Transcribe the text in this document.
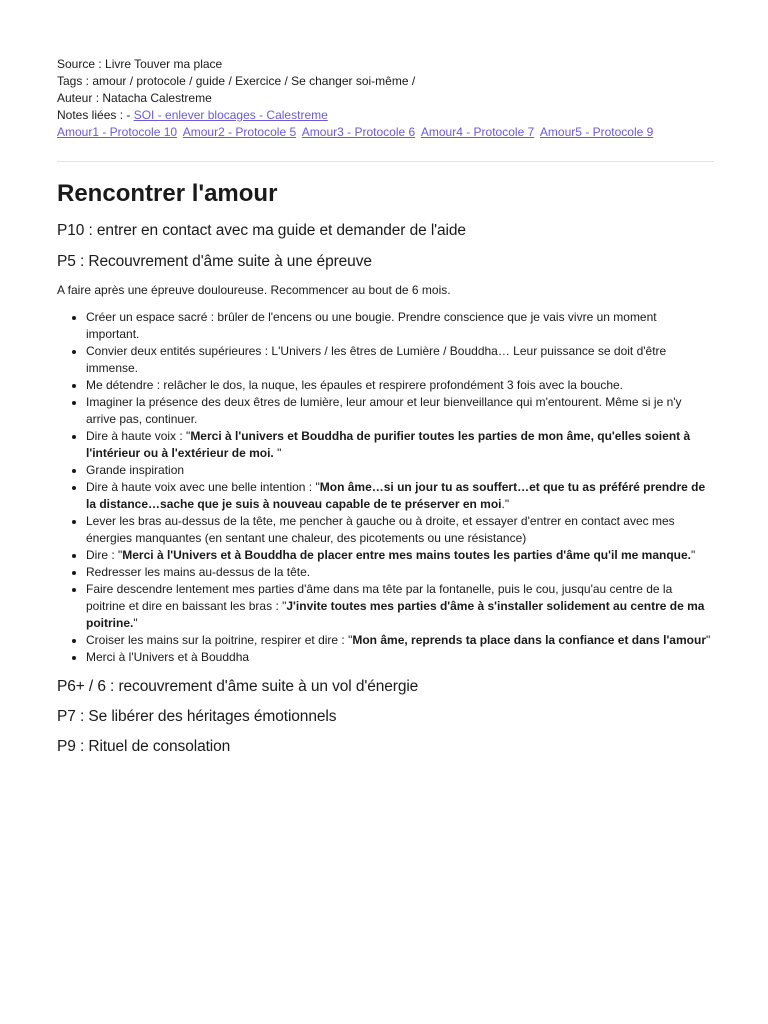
Source : Livre Touver ma place
Tags : amour / protocole / guide / Exercice / Se changer soi-même /
Auteur : Natacha Calestreme
Notes liées : - SOI - enlever blocages - Calestreme
Amour1 - Protocole 10 Amour2 - Protocole 5 Amour3 - Protocole 6 Amour4 - Protocole 7 Amour5 - Protocole 9
Rencontrer l'amour
P10 : entrer en contact avec ma guide et demander de l'aide
P5 : Recouvrement d'âme suite à une épreuve

A faire après une épreuve douloureuse. Recommencer au bout de 6 mois.

• Créer un espace sacré : brûler de l'encens ou une bougie. Prendre conscience que je vais vivre un moment important.
• Convier deux entités supérieures : L'Univers / les êtres de Lumière / Bouddha… Leur puissance se doit d'être immense.
• Me détendre : relâcher le dos, la nuque, les épaules et respirere profondément 3 fois avec la bouche.
• Imaginer la présence des deux êtres de lumière, leur amour et leur bienveillance qui m'entourent. Même si je n'y arrive pas, continuer.
• Dire à haute voix : "Merci à l'univers et Bouddha de purifier toutes les parties de mon âme, qu'elles soient à l'intérieur ou à l'extérieur de moi. "
• Grande inspiration
• Dire à haute voix avec une belle intention : "Mon âme…si un jour tu as souffert…et que tu as préféré prendre de la distance…sache que je suis à nouveau capable de te préserver en moi."
• Lever les bras au-dessus de la tête, me pencher à gauche ou à droite, et essayer d'entrer en contact avec mes énergies manquantes (en sentant une chaleur, des picotements ou une résistance)
• Dire : "Merci à l'Univers et à Bouddha de placer entre mes mains toutes les parties d'âme qu'il me manque."
• Redresser les mains au-dessus de la tête.
• Faire descendre lentement mes parties d'âme dans ma tête par la fontanelle, puis le cou, jusqu'au centre de la poitrine et dire en baissant les bras : "J'invite toutes mes parties d'âme à s'installer solidement au centre de ma poitrine."
• Croiser les mains sur la poitrine, respirer et dire : "Mon âme, reprends ta place dans la confiance et dans l'amour"
• Merci à l'Univers et à Bouddha
P6+ / 6 : recouvrement d'âme suite à un vol d'énergie
P7 : Se libérer des héritages émotionnels
P9 : Rituel de consolation
